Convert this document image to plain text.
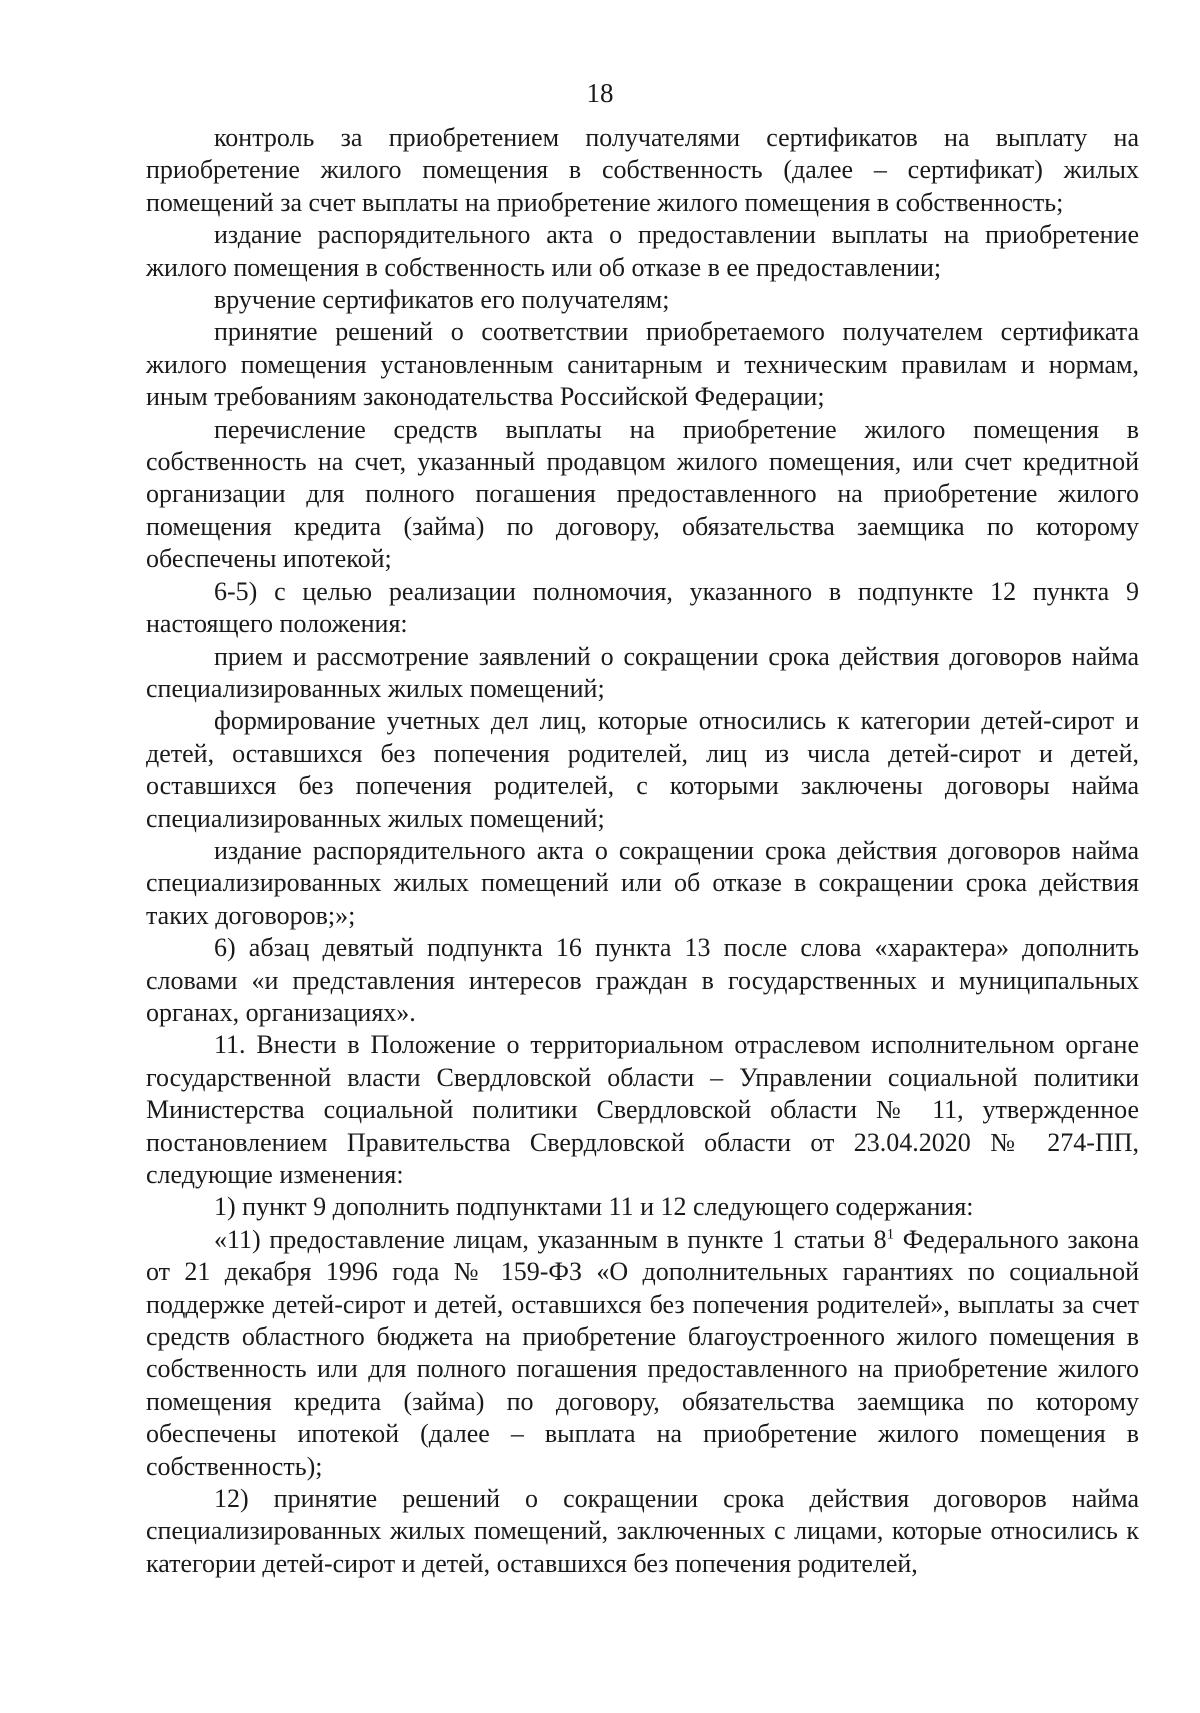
18

контроль за приобретением получателями сертификатов на выплату на приобретение жилого помещения в собственность (далее – сертификат) жилых помещений за счет выплаты на приобретение жилого помещения в собственность;

издание распорядительного акта о предоставлении выплаты на приобретение жилого помещения в собственность или об отказе в ее предоставлении;

вручение сертификатов его получателям;

принятие решений о соответствии приобретаемого получателем сертификата жилого помещения установленным санитарным и техническим правилам и нормам, иным требованиям законодательства Российской Федерации;

перечисление средств выплаты на приобретение жилого помещения в собственность на счет, указанный продавцом жилого помещения, или счет кредитной организации для полного погашения предоставленного на приобретение жилого помещения кредита (займа) по договору, обязательства заемщика по которому обеспечены ипотекой;

6-5) с целью реализации полномочия, указанного в подпункте 12 пункта 9 настоящего положения:

прием и рассмотрение заявлений о сокращении срока действия договоров найма специализированных жилых помещений;

формирование учетных дел лиц, которые относились к категории детей-сирот и детей, оставшихся без попечения родителей, лиц из числа детей-сирот и детей, оставшихся без попечения родителей, с которыми заключены договоры найма специализированных жилых помещений;

издание распорядительного акта о сокращении срока действия договоров найма специализированных жилых помещений или об отказе в сокращении срока действия таких договоров;»;

6) абзац девятый подпункта 16 пункта 13 после слова «характера» дополнить словами «и представления интересов граждан в государственных и муниципальных органах, организациях».

11. Внести в Положение о территориальном отраслевом исполнительном органе государственной власти Свердловской области – Управлении социальной политики Министерства социальной политики Свердловской области № 11, утвержденное постановлением Правительства Свердловской области от 23.04.2020 № 274-ПП, следующие изменения:

1) пункт 9 дополнить подпунктами 11 и 12 следующего содержания:

«11) предоставление лицам, указанным в пункте 1 статьи $8^1$ Федерального закона от 21 декабря 1996 года № 159-ФЗ «О дополнительных гарантиях по социальной поддержке детей-сирот и детей, оставшихся без попечения родителей», выплаты за счет средств областного бюджета на приобретение благоустроенного жилого помещения в собственность или для полного погашения предоставленного на приобретение жилого помещения кредита (займа) по договору, обязательства заемщика по которому обеспечены ипотекой (далее – выплата на приобретение жилого помещения в собственность);

12) принятие решений о сокращении срока действия договоров найма специализированных жилых помещений, заключенных с лицами, которые относились к категории детей-сирот и детей, оставшихся без попечения родителей,
